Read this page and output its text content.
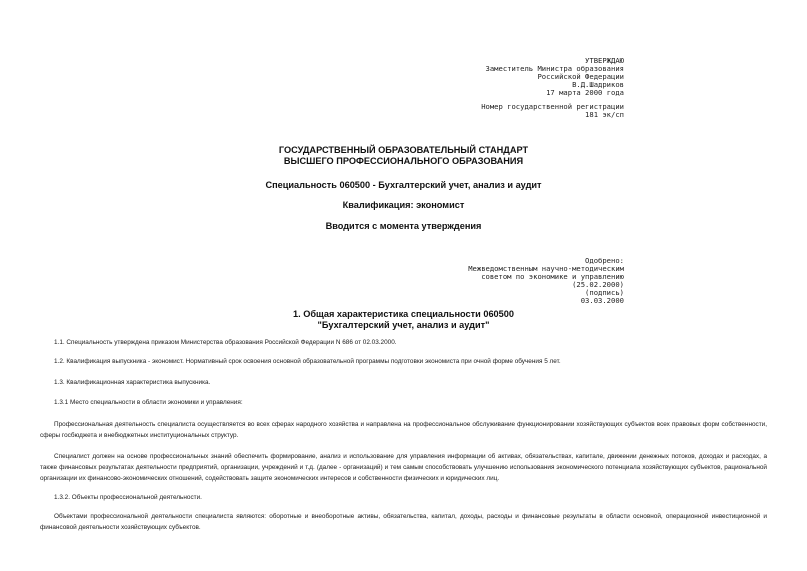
УТВЕРЖДАЮ
Заместитель Министра образования
Российской Федерации
В.Д.Шадриков
17 марта 2000 года
Номер государственной регистрации
181 эк/сп
ГОСУДАРСТВЕННЫЙ ОБРАЗОВАТЕЛЬНЫЙ СТАНДАРТ
ВЫСШЕГО ПРОФЕССИОНАЛЬНОГО ОБРАЗОВАНИЯ
Специальность 060500 - Бухгалтерский учет, анализ и аудит
Квалификация: экономист
Вводится с момента утверждения
Одобрено:
Межведомственным научно-методическим
советом по экономике и управлению
(25.02.2000)
(подпись)
03.03.2000
1. Общая характеристика специальности 060500
"Бухгалтерский учет, анализ и аудит"

1.1. Специальность утверждена приказом Министерства образования Российской Федерации N 686 от 02.03.2000.

1.2. Квалификация выпускника - экономист. Нормативный срок освоения основной образовательной программы подготовки экономиста при очной форме обучения 5 лет.

1.3. Квалификационная характеристика выпускника.

1.3.1 Место специальности в области экономики и управления:

Профессиональная деятельность специалиста осуществляется во всех сферах народного хозяйства и направлена на профессиональное обслуживание функционировании хозяйствующих субъектов всех правовых форм собственности, сферы госбюджета и внебюджетных институциональных структур.

Специалист должен на основе профессиональных знаний обеспечить формирование, анализ и использование для управления информации об активах, обязательствах, капитале, движении денежных потоков, доходах и расходах, а также финансовых результатах деятельности предприятий, организации, учреждений и т.д. (далее - организаций) и тем самым способствовать улучшению использования экономического потенциала хозяйствующих субъектов, рациональной организации их финансово-экономических отношений, содействовать защите экономических интересов и собственности физических и юридических лиц.

1.3.2. Объекты профессиональной деятельности.

Объектами профессиональной деятельности специалиста являются: оборотные и внеоборотные активы, обязательства, капитал, доходы, расходы и финансовые результаты в области основной, операционной инвестиционной и финансовой деятельности хозяйствующих субъектов.
